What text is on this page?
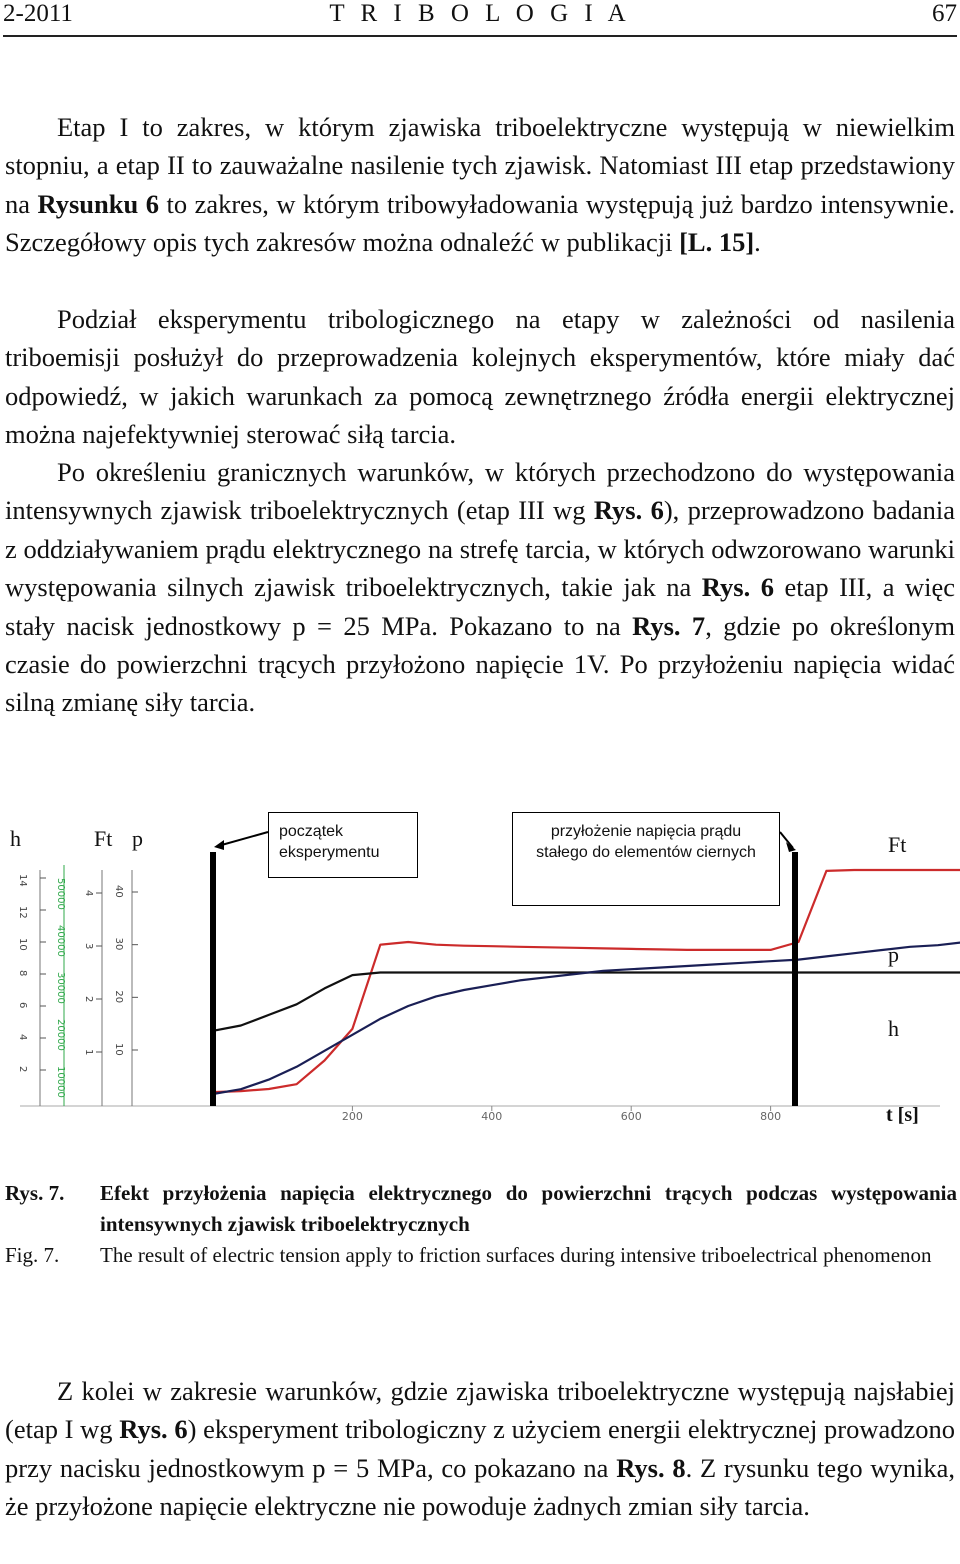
2-2011	T R I B O L O G I A	67

Etap I to zakres, w którym zjawiska triboelektryczne występują w niewielkim stopniu, a etap II to zauważalne nasilenie tych zjawisk. Natomiast III etap przedstawiony na Rysunku 6 to zakres, w którym tribowyładowania występują już bardzo intensywnie. Szczegółowy opis tych zakresów można odnaleźć w publikacji [L. 15].

Podział eksperymentu tribologicznego na etapy w zależności od nasilenia triboemisji posłużył do przeprowadzenia kolejnych eksperymentów, które miały dać odpowiedź, w jakich warunkach za pomocą zewnętrznego źródła energii elektrycznej można najefektywniej sterować siłą tarcia.

Po określeniu granicznych warunków, w których przechodzono do występowania intensywnych zjawisk triboelektrycznych (etap III wg Rys. 6), przeprowadzono badania z oddziaływaniem prądu elektrycznego na strefę tarcia, w których odwzorowano warunki występowania silnych zjawisk triboelektrycznych, takie jak na Rys. 6 etap III, a więc stały nacisk jednostkowy p = 25 MPa. Pokazano to na Rys. 7, gdzie po określonym czasie do powierzchni trących przyłożono napięcie 1V. Po przyłożeniu napięcia widać silną zmianę siły tarcia.

200	400	600	800
10000
20000
30000
40000
50000
2
4
6
8
10
12
14
1
2
3
4
10
20
30
40
h	Ft p	początek eksperymentu
przyłożenie napięcia prądu stałego do elementów ciernych	Ft
p
h
t [s]
Rys. 7. Efekt przyłożenia napięcia elektrycznego do powierzchni trących podczas występowania intensywnych zjawisk triboelektrycznych
Fig. 7. The result of electric tension apply to friction surfaces during intensive triboelectrical phenomenon

Z kolei w zakresie warunków, gdzie zjawiska triboelektryczne występują najsłabiej (etap I wg Rys. 6) eksperyment tribologiczny z użyciem energii elektrycznej prowadzono przy nacisku jednostkowym p = 5 MPa, co pokazano na Rys. 8. Z rysunku tego wynika, że przyłożone napięcie elektryczne nie powoduje żadnych zmian siły tarcia.
